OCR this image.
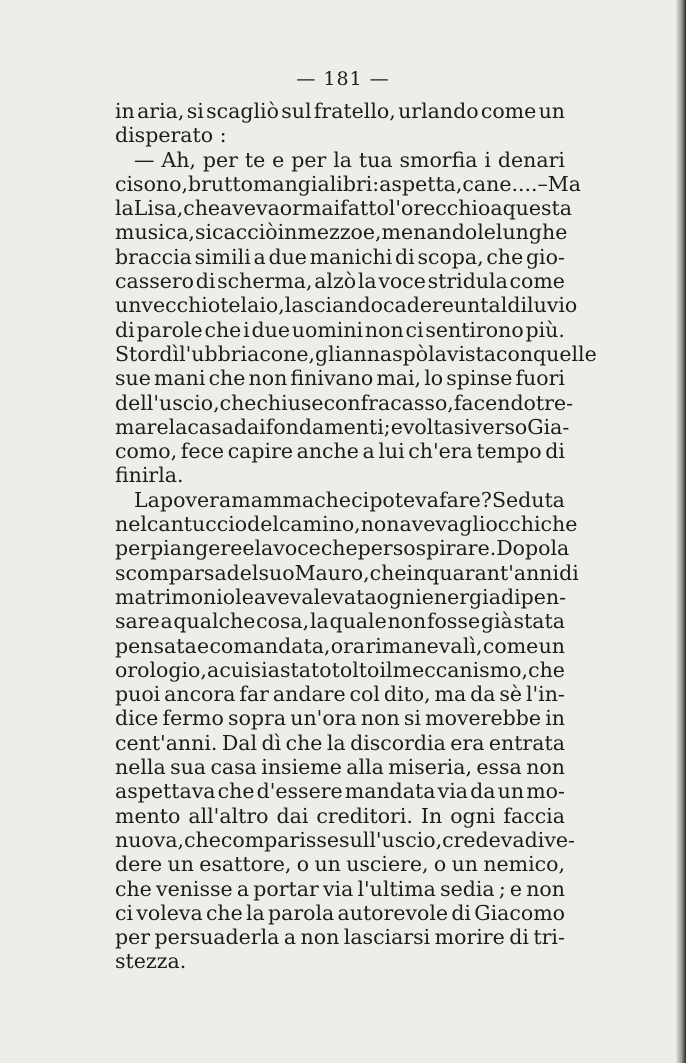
— 181 —
in aria, si scagliò sul fratello, urlando come un
disperato :
— Ah, per te e per la tua smorfia i denari
ci sono, brutto mangialibri: aspetta, cane.... – Ma
la Lisa, che aveva ormai fatto l'orecchio a questa
musica, si cacciò in mezzo e, menando le lunghe
braccia simili a due manichi di scopa, che gio-
cassero di scherma, alzò la voce stridula come
un vecchio telaio, lasciando cadere un tal diluvio
di parole che i due uomini non ci sentirono più.
Stordì l'ubbriacone, gli annaspò la vista con quelle
sue mani che non finivano mai, lo spinse fuori
dell'uscio, che chiuse con fracasso, facendo tre-
mare la casa dai fondamenti ; e voltasi verso Gia-
como, fece capire anche a lui ch'era tempo di
finirla.
La povera mamma che ci poteva fare? Seduta
nel cantuccio del camino, non aveva gli occhi che
per piangere e la voce che per sospirare. Dopo la
scomparsa del suo Mauro, che in quarant'anni di
matrimonio le aveva levata ogni energia di pen-
sare a qualche cosa, la quale non fosse già stata
pensata e comandata, ora rimaneva lì, come un
orologio, a cui sia stato tolto il meccanismo, che
puoi ancora far andare col dito, ma da sè l'in-
dice fermo sopra un'ora non si moverebbe in
cent'anni. Dal dì che la discordia era entrata
nella sua casa insieme alla miseria, essa non
aspettava che d'essere mandata via da un mo-
mento all'altro dai creditori. In ogni faccia
nuova, che comparisse sull'uscio, credeva di ve-
dere un esattore, o un usciere, o un nemico,
che venisse a portar via l'ultima sedia ; e non
ci voleva che la parola autorevole di Giacomo
per persuaderla a non lasciarsi morire di tri-
stezza.
